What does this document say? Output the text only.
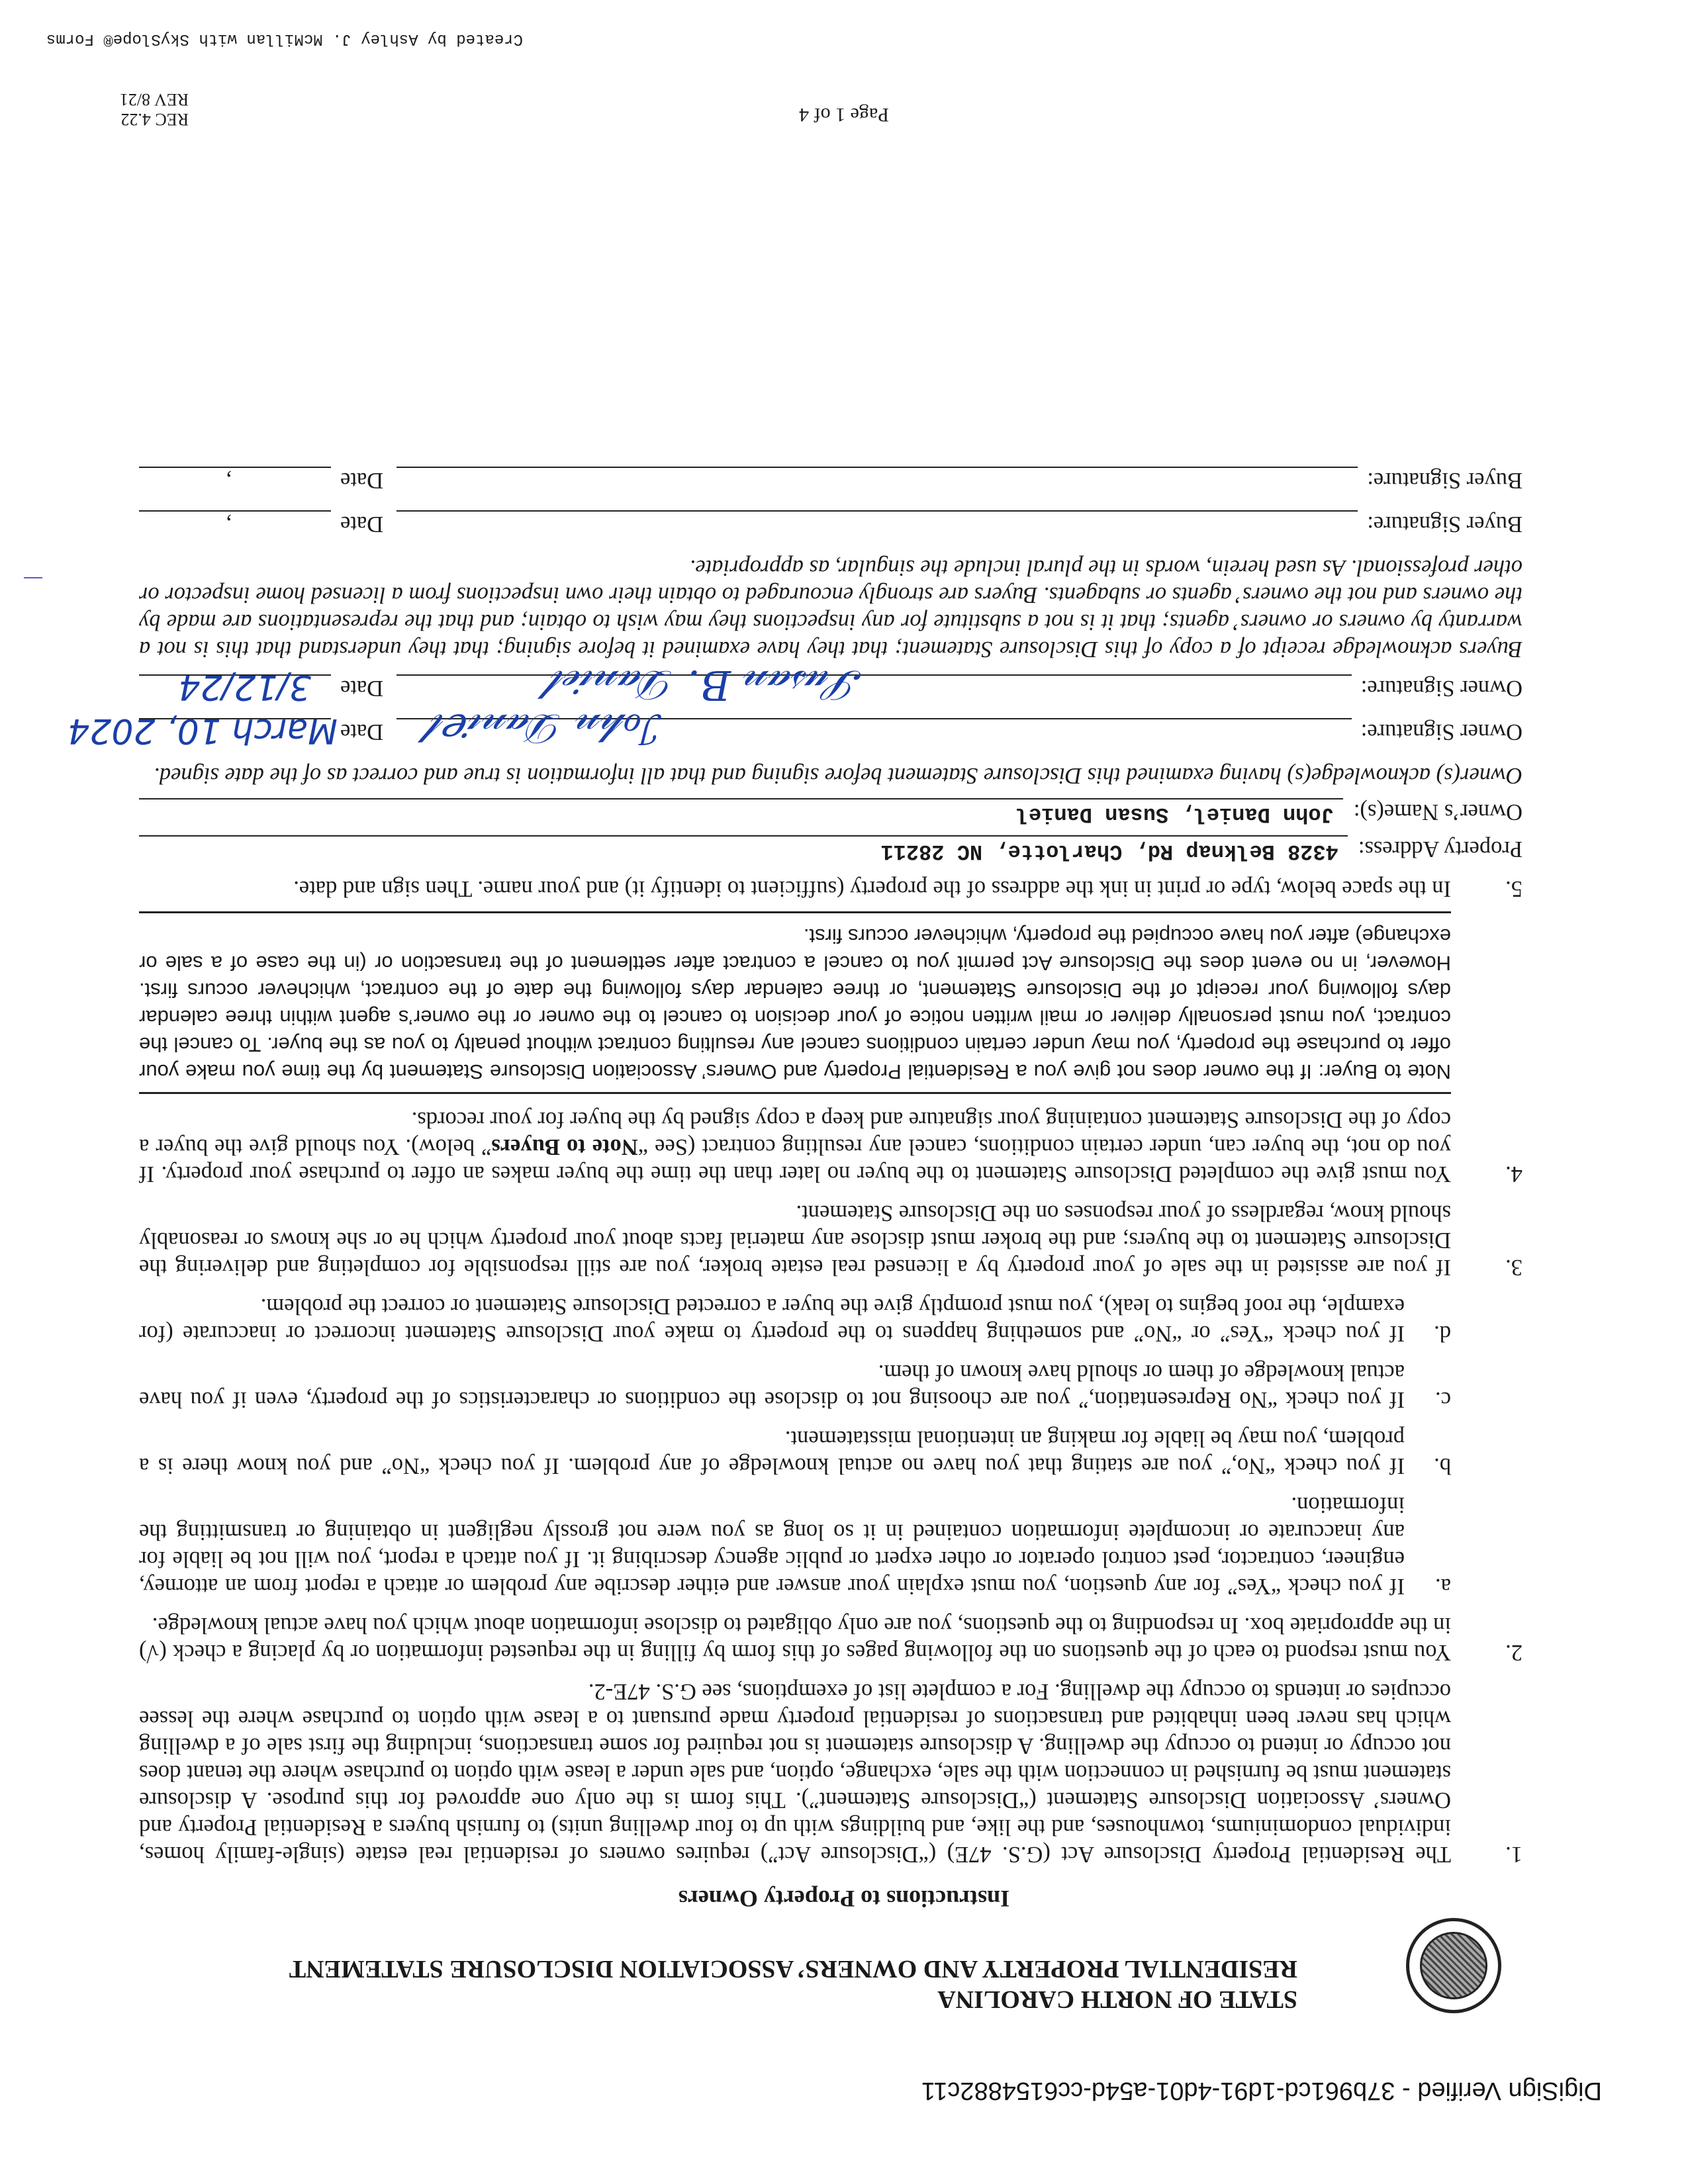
DigiSign Verified - 37b961cd-1d91-4d01-a54d-cc6154882c11
STATE OF NORTH CAROLINA
RESIDENTIAL PROPERTY AND OWNERS’ ASSOCIATION DISCLOSURE STATEMENT
Instructions to Property Owners
1.
The Residential Property Disclosure Act (G.S. 47E) (“Disclosure Act”) requires owners of residential real estate (single-family homes, individual condominiums, townhouses, and the like, and buildings with up to four dwelling units) to furnish buyers a Residential Property and Owners’ Association Disclosure Statement (“Disclosure Statement”). This form is the only one approved for this purpose. A disclosure statement must be furnished in connection with the sale, exchange, option, and sale under a lease with option to purchase where the tenant does not occupy or intend to occupy the dwelling. A disclosure statement is not required for some transactions, including the first sale of a dwelling which has never been inhabited and transactions of residential property made pursuant to a lease with option to purchase where the lessee occupies or intends to occupy the dwelling. For a complete list of exemptions, see G.S. 47E-2.
2.
You must respond to each of the questions on the following pages of this form by filling in the requested information or by placing a check (√) in the appropriate box. In responding to the questions, you are only obligated to disclose information about which you have actual knowledge.
a.
If you check “Yes” for any question, you must explain your answer and either describe any problem or attach a report from an attorney, engineer, contractor, pest control operator or other expert or public agency describing it. If you attach a report, you will not be liable for any inaccurate or incomplete information contained in it so long as you were not grossly negligent in obtaining or transmitting the information.
b.
If you check “No,” you are stating that you have no actual knowledge of any problem. If you check “No” and you know there is a problem, you may be liable for making an intentional misstatement.
c.
If you check “No Representation,” you are choosing not to disclose the conditions or characteristics of the property, even if you have actual knowledge of them or should have known of them.
d.
If you check “Yes” or “No” and something happens to the property to make your Disclosure Statement incorrect or inaccurate (for example, the roof begins to leak), you must promptly give the buyer a corrected Disclosure Statement or correct the problem.
3.
If you are assisted in the sale of your property by a licensed real estate broker, you are still responsible for completing and delivering the Disclosure Statement to the buyers; and the broker must disclose any material facts about your property which he or she knows or reasonably should know, regardless of your responses on the Disclosure Statement.
4.
You must give the completed Disclosure Statement to the buyer no later than the time the buyer makes an offer to purchase your property. If you do not, the buyer can, under certain conditions, cancel any resulting contract (See “Note to Buyers” below). You should give the buyer a copy of the Disclosure Statement containing your signature and keep a copy signed by the buyer for your records.
Note to Buyer: If the owner does not give you a Residential Property and Owners’ Association Disclosure Statement by the time you make your offer to purchase the property, you may under certain conditions cancel any resulting contract without penalty to you as the buyer. To cancel the contract, you must personally deliver or mail written notice of your decision to cancel to the owner or the owner’s agent within three calendar days following your receipt of the Disclosure Statement, or three calendar days following the date of the contract, whichever occurs first. However, in no event does the Disclosure Act permit you to cancel a contract after settlement of the transaction or (in the case of a sale or exchange) after you have occupied the property, whichever occurs first.
5.
In the space below, type or print in ink the address of the property (sufficient to identify it) and your name. Then sign and date.
Property Address:
4328 Belknap Rd, Charlotte, NC 28211
Owner’s Name(s):
John Daniel, Susan Daniel
Owner(s) acknowledge(s) having examined this Disclosure Statement before signing and that all information is true and correct as of the date signed.
Owner Signature:
ℐℴ𝒽𝓃 𝒟𝒶𝓃𝒾ℯ𝓁
Date
March 10, 2024
Owner Signature:
𝒮𝓊𝓈𝒶𝓃 𝐵. 𝒟𝒶𝓃𝒾ℯ𝓁
Date
3/12/24
Buyers acknowledge receipt of a copy of this Disclosure Statement; that they have examined it before signing; that they understand that this is not a warranty by owners or owners’ agents; that it is not a substitute for any inspections they may wish to obtain; and that the representations are made by the owners and not the owners’ agents or subagents. Buyers are strongly encouraged to obtain their own inspections from a licensed home inspector or other professional. As used herein, words in the plural include the singular, as appropriate.
Buyer Signature:
Date
,
Buyer Signature:
Date
,
Page 1 of 4
REC 4.22
REV 8/21
Created by Ashley J. McMillan with SkySlope® Forms
